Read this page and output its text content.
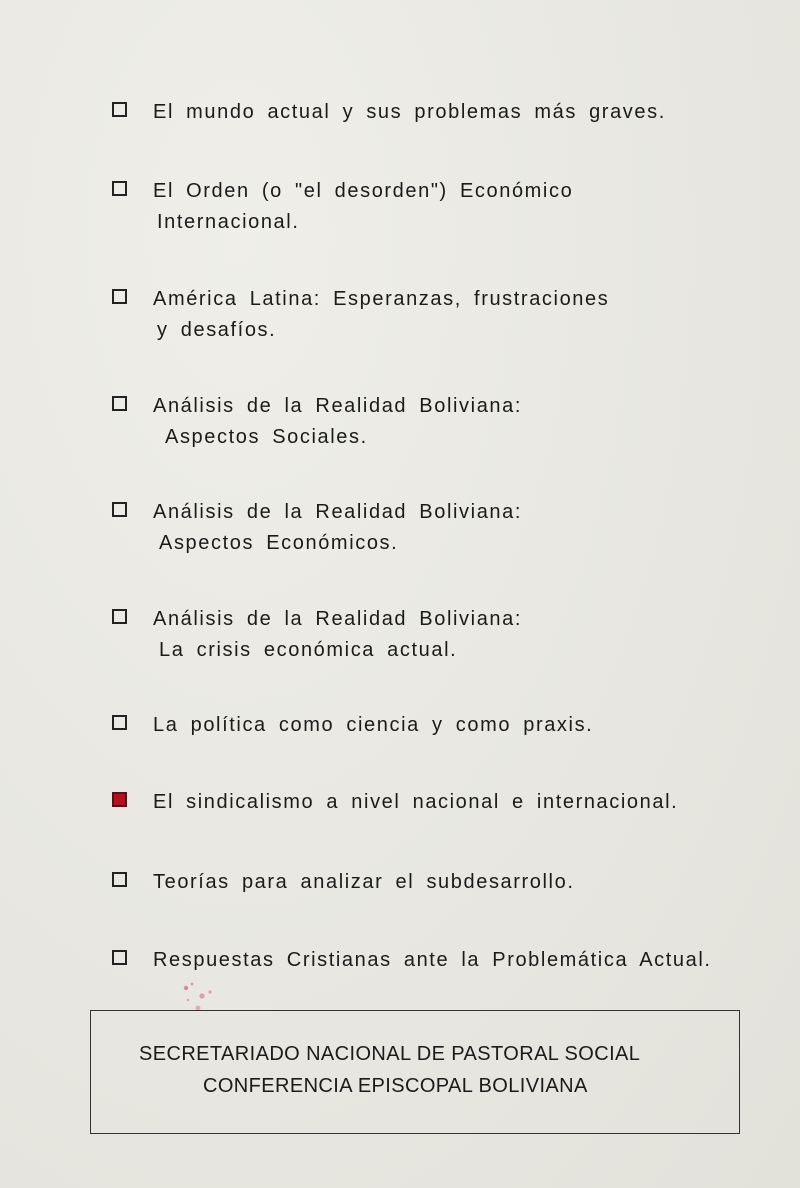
El mundo actual y sus problemas más graves.
El Orden (o "el desorden") Económico
Internacional.
América Latina: Esperanzas, frustraciones
y desafíos.
Análisis de la Realidad Boliviana:
Aspectos Sociales.
Análisis de la Realidad Boliviana:
Aspectos Económicos.
Análisis de la Realidad Boliviana:
La crisis económica actual.
La política como ciencia y como praxis.
El sindicalismo a nivel nacional e internacional.
Teorías para analizar el subdesarrollo.
Respuestas Cristianas ante la Problemática Actual.
SECRETARIADO NACIONAL DE PASTORAL SOCIAL
CONFERENCIA EPISCOPAL BOLIVIANA
